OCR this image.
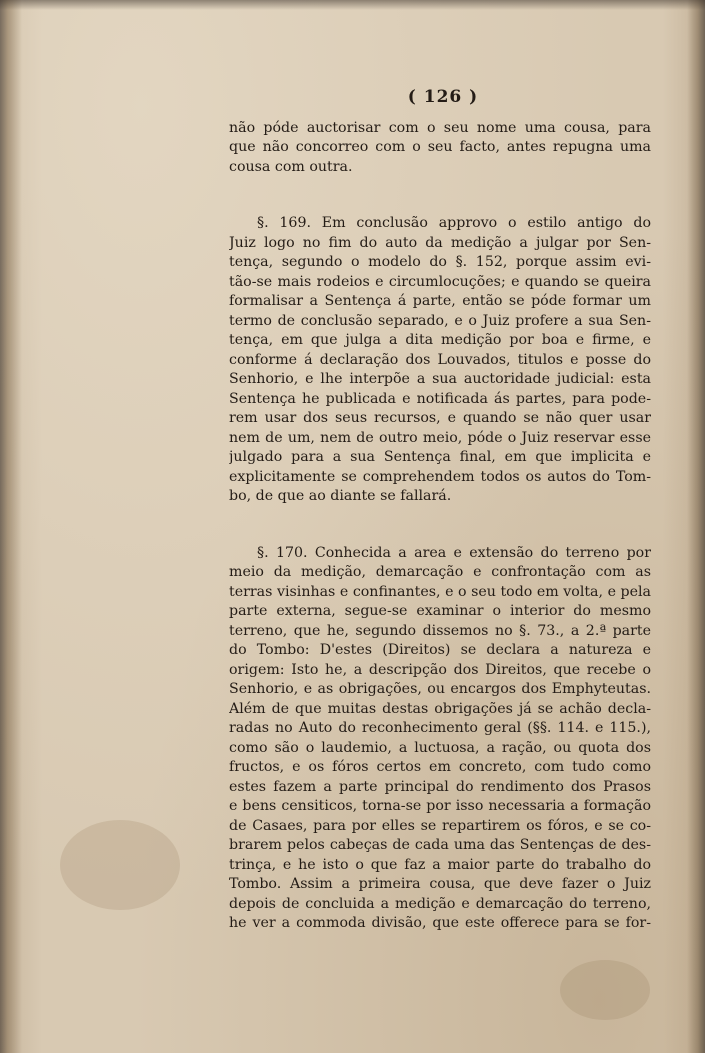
( 126 )
não póde auctorisar com o seu nome uma cousa, para
que não concorreo com o seu facto, antes repugna uma
cousa com outra.
§. 169. Em conclusão approvo o estilo antigo do
Juiz logo no fim do auto da medição a julgar por Sen-
tença, segundo o modelo do §. 152, porque assim evi-
tão-se mais rodeios e circumlocuções; e quando se queira
formalisar a Sentença á parte, então se póde formar um
termo de conclusão separado, e o Juiz profere a sua Sen-
tença, em que julga a dita medição por boa e firme, e
conforme á declaração dos Louvados, titulos e posse do
Senhorio, e lhe interpõe a sua auctoridade judicial: esta
Sentença he publicada e notificada ás partes, para pode-
rem usar dos seus recursos, e quando se não quer usar
nem de um, nem de outro meio, póde o Juiz reservar esse
julgado para a sua Sentença final, em que implicita e
explicitamente se comprehendem todos os autos do Tom-
bo, de que ao diante se fallará.
§. 170. Conhecida a area e extensão do terreno por
meio da medição, demarcação e confrontação com as
terras visinhas e confinantes, e o seu todo em volta, e pela
parte externa, segue-se examinar o interior do mesmo
terreno, que he, segundo dissemos no §. 73., a 2.ª parte
do Tombo: D'estes (Direitos) se declara a natureza e
origem: Isto he, a descripção dos Direitos, que recebe o
Senhorio, e as obrigações, ou encargos dos Emphyteutas.
Além de que muitas destas obrigações já se achão decla-
radas no Auto do reconhecimento geral (§§. 114. e 115.),
como são o laudemio, a luctuosa, a ração, ou quota dos
fructos, e os fóros certos em concreto, com tudo como
estes fazem a parte principal do rendimento dos Prasos
e bens censiticos, torna-se por isso necessaria a formação
de Casaes, para por elles se repartirem os fóros, e se co-
brarem pelos cabeças de cada uma das Sentenças de des-
trinça, e he isto o que faz a maior parte do trabalho do
Tombo. Assim a primeira cousa, que deve fazer o Juiz
depois de concluida a medição e demarcação do terreno,
he ver a commoda divisão, que este offerece para se for-
